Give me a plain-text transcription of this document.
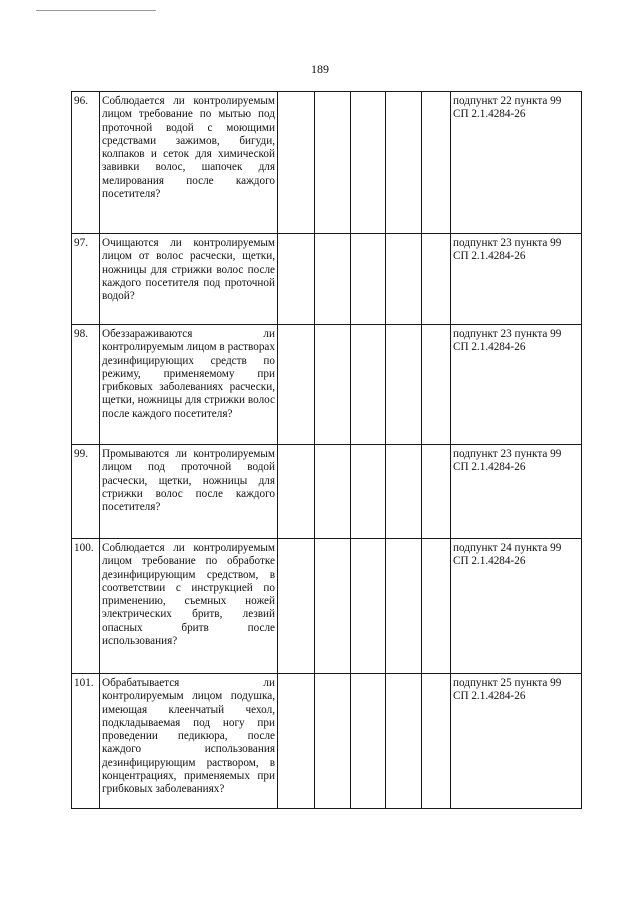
189
96.	Соблюдается ли контролируемым лицом требование по мытью под проточной водой с моющими средствами зажимов, бигуди, колпаков и сеток для химической завивки волос, шапочек для мелирования после каждого посетителя?						подпункт 22 пункта 99 СП 2.1.4284-26
97.	Очищаются ли контролируемым лицом от волос расчески, щетки, ножницы для стрижки волос после каждого посетителя под проточной водой?						подпункт 23 пункта 99 СП 2.1.4284-26
98.	Обеззараживаются ли контролируемым лицом в растворах дезинфицирующих средств по режиму, применяемому при грибковых заболеваниях расчески, щетки, ножницы для стрижки волос после каждого посетителя?						подпункт 23 пункта 99 СП 2.1.4284-26
99.	Промываются ли контролируемым лицом под проточной водой расчески, щетки, ножницы для стрижки волос после каждого посетителя?						подпункт 23 пункта 99 СП 2.1.4284-26
100.	Соблюдается ли контролируемым лицом требование по обработке дезинфицирующим средством, в соответствии с инструкцией по применению, съемных ножей электрических бритв, лезвий опасных бритв после использования?						подпункт 24 пункта 99 СП 2.1.4284-26
101.	Обрабатывается ли контролируемым лицом подушка, имеющая клеенчатый чехол, подкладываемая под ногу при проведении педикюра, после каждого использования дезинфицирующим раствором, в концентрациях, применяемых при грибковых заболеваниях?						подпункт 25 пункта 99 СП 2.1.4284-26
